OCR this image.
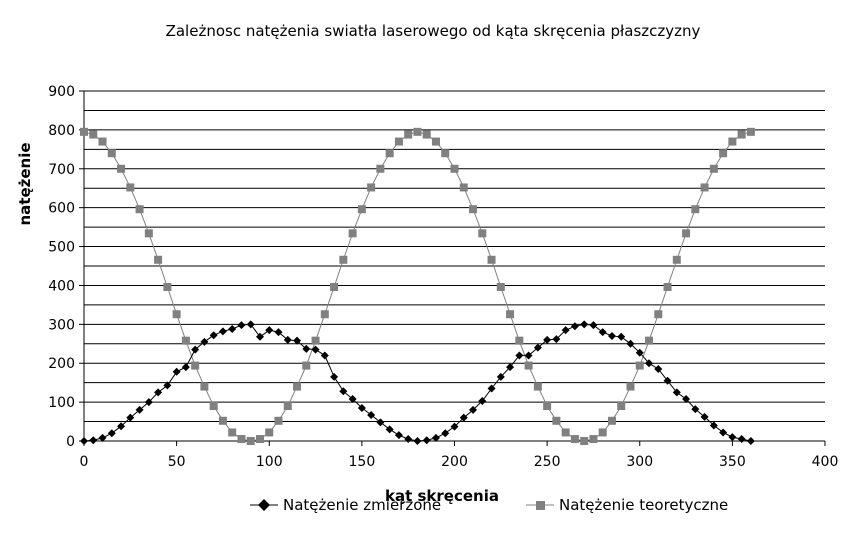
Zależnosc natężenia swiatła laserowego od kąta skręcenia płaszczyzny
0
100
200
300
400
500
600
700
800
900
0	50	100	150	200	250	300	350	400
natężenie
kąt skręcenia
Natężenie zmierzone	Natężenie teoretyczne
